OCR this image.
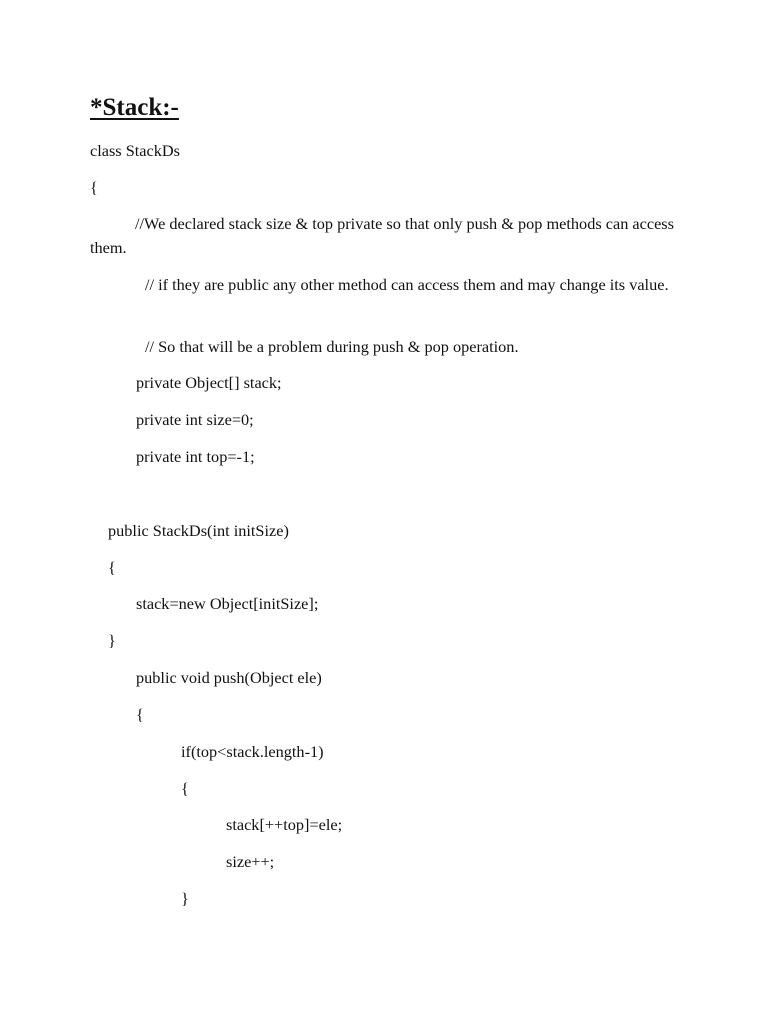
*Stack:-
class StackDs
{
//We declared stack size & top private so that only push & pop methods can access them.
// if they are public any other method can access them and may change its value.
// So that will be a problem during push & pop operation.
private Object[] stack;
private int size=0;
private int top=-1;
public StackDs(int initSize)
{
stack=new Object[initSize];
}
public void push(Object ele)
{
if(top<stack.length-1)
{
stack[++top]=ele;
size++;
}
